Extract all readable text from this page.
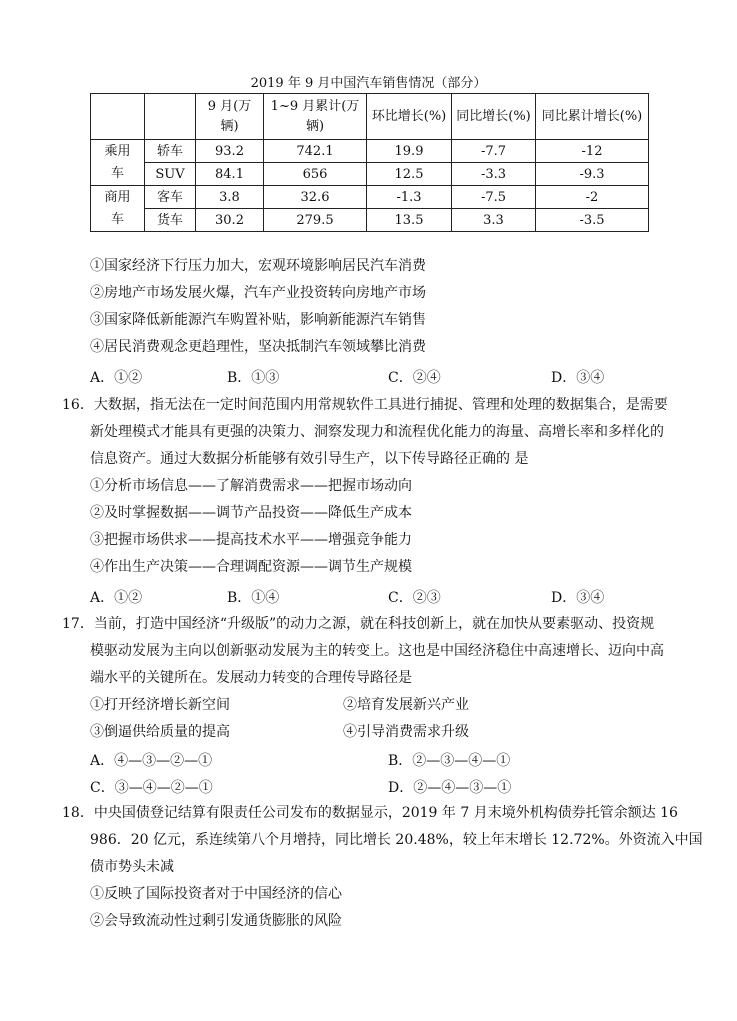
2019 年 9 月中国汽车销售情况（部分）
		9 月(万
辆)	1~9 月累计(万
辆)	环比增长(%)	同比增长(%)	同比累计增长(%)
乘用
车	轿车	93.2	742.1	19.9	-7.7	-12
	SUV	84.1	656	12.5	-3.3	-9.3
商用
车	客车	3.8	32.6	-1.3	-7.5	-2
	货车	30.2	279.5	13.5	3.3	-3.5
①国家经济下行压力加大，宏观环境影响居民汽车消费
②房地产市场发展火爆，汽车产业投资转向房地产市场
③国家降低新能源汽车购置补贴，影响新能源汽车销售
④居民消费观念更趋理性，坚决抵制汽车领域攀比消费
A．①②	B．①③	C．②④	D．③④
16．大数据，指无法在一定时间范围内用常规软件工具进行捕捉、管理和处理的数据集合，是需要
新处理模式才能具有更强的决策力、洞察发现力和流程优化能力的海量、高增长率和多样化的
信息资产。通过大数据分析能够有效引导生产，以下传导路径正确的 是
①分析市场信息——了解消费需求——把握市场动向
②及时掌握数据——调节产品投资——降低生产成本
③把握市场供求——提高技术水平——增强竞争能力
④作出生产决策——合理调配资源——调节生产规模
A．①②	B．①④	C．②③	D．③④
17．当前，打造中国经济“升级版”的动力之源，就在科技创新上，就在加快从要素驱动、投资规
模驱动发展为主向以创新驱动发展为主的转变上。这也是中国经济稳住中高速增长、迈向中高
端水平的关键所在。发展动力转变的合理传导路径是
①打开经济增长新空间	②培育发展新兴产业
③倒逼供给质量的提高	④引导消费需求升级
A．④—③—②—①	B．②—③—④—①
C．③—④—②—①	D．②—④—③—①
18．中央国债登记结算有限责任公司发布的数据显示，2019 年 7 月末境外机构债券托管余额达 16
986．20 亿元，系连续第八个月增持，同比增长 20.48%，较上年末增长 12.72%。外资流入中国
债市势头未减
①反映了国际投资者对于中国经济的信心
②会导致流动性过剩引发通货膨胀的风险
